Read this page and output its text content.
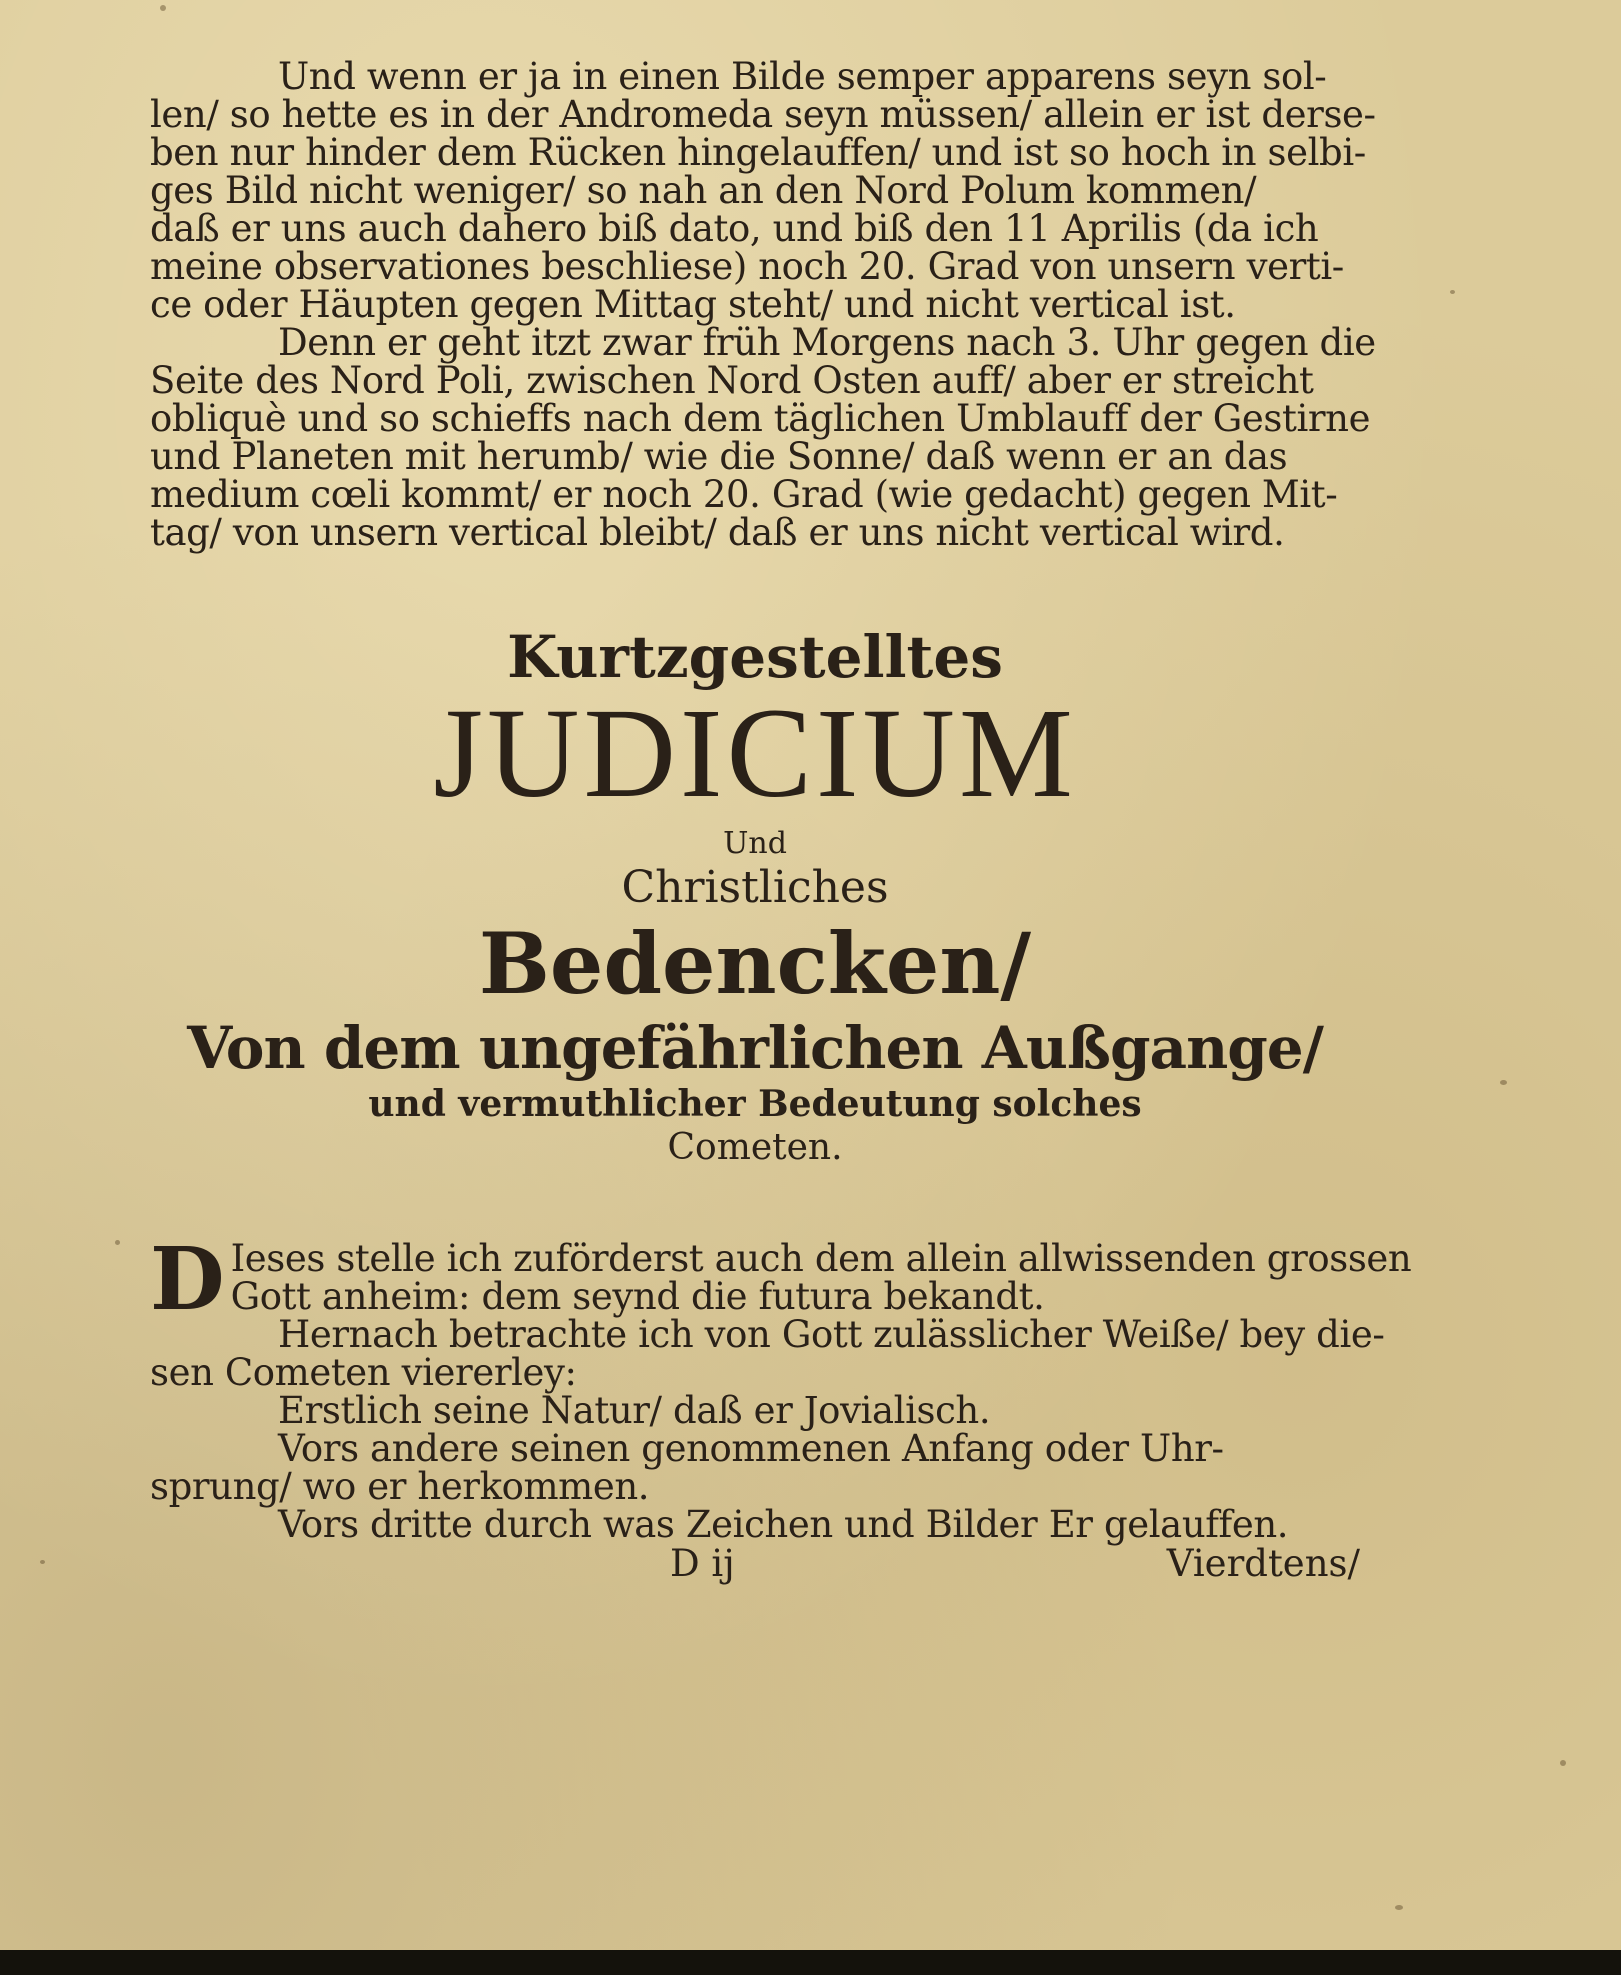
Und wenn er ja in einen Bilde semper apparens seyn sol-
len/ so hette es in der Andromeda seyn müssen/ allein er ist derse-
ben nur hinder dem Rücken hingelauffen/ und ist so hoch in selbi-
ges Bild nicht weniger/ so nah an den Nord Polum kommen/
daß er uns auch dahero biß dato, und biß den 11 Aprilis (da ich
meine observationes beschliese) noch 20. Grad von unsern verti-
ce oder Häupten gegen Mittag steht/ und nicht vertical ist.
Denn er geht itzt zwar früh Morgens nach 3. Uhr gegen die
Seite des Nord Poli, zwischen Nord Osten auff/ aber er streicht
obliquè und so schieffs nach dem täglichen Umblauff der Gestirne
und Planeten mit herumb/ wie die Sonne/ daß wenn er an das
medium cœli kommt/ er noch 20. Grad (wie gedacht) gegen Mit-
tag/ von unsern vertical bleibt/ daß er uns nicht vertical wird.
Kurtzgestelltes
JUDICIUM
Und
Christliches
Bedencken/
Von dem ungefährlichen Außgange/
und vermuthlicher Bedeutung solches
Cometen.
D Ieses stelle ich zuförderst auch dem allein allwissenden grossen
Gott anheim: dem seynd die futura bekandt.
Hernach betrachte ich von Gott zulässlicher Weiße/ bey die-
sen Cometen viererley:
Erstlich seine Natur/ daß er Jovialisch.
Vors andere seinen genommenen Anfang oder Uhr-
sprung/ wo er herkommen.
Vors dritte durch was Zeichen und Bilder Er gelauffen.
D ij	Vierdtens/
